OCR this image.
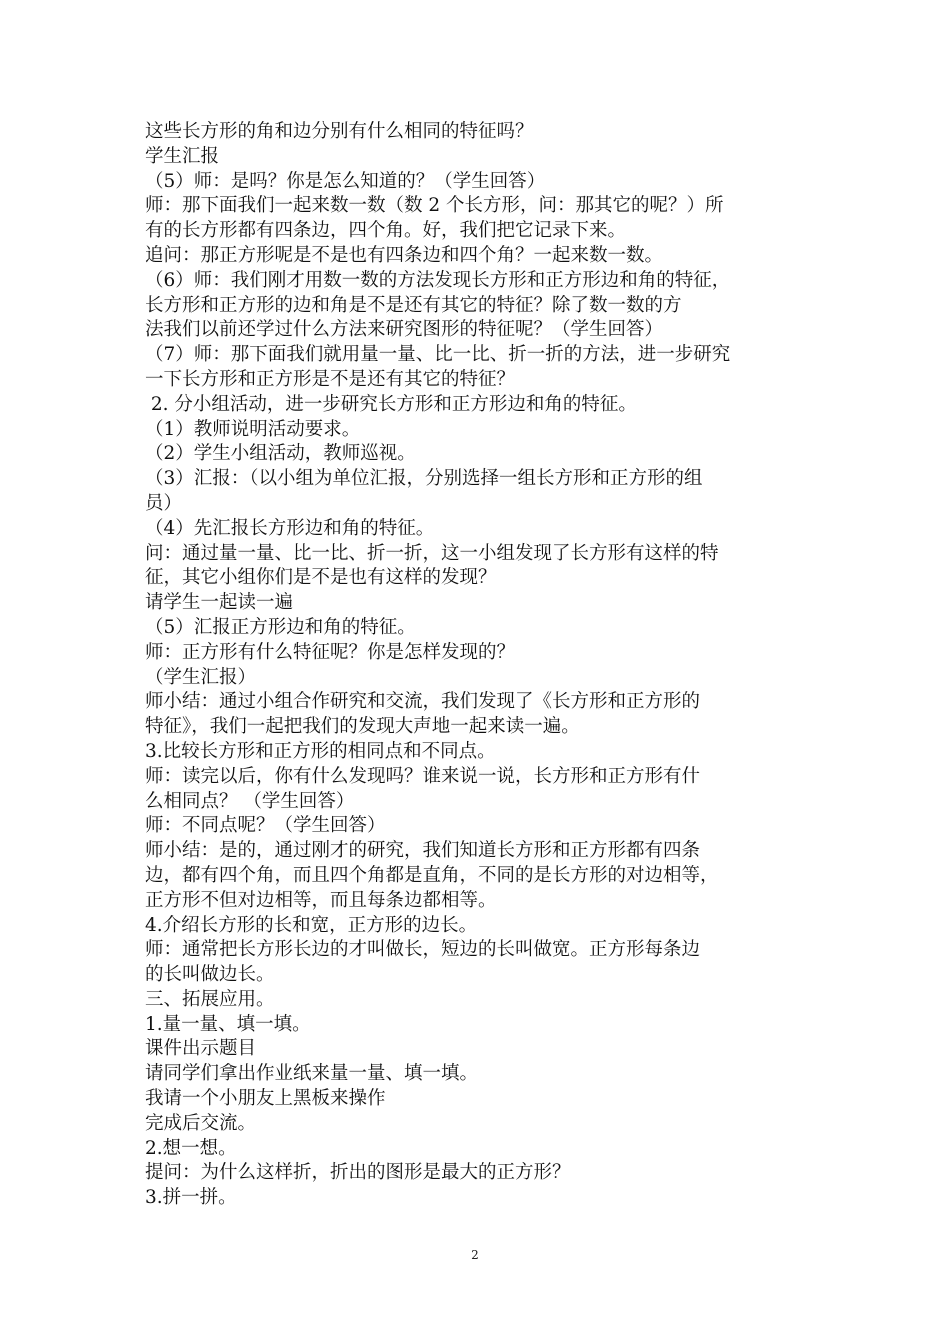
这些长方形的角和边分别有什么相同的特征吗？

学生汇报

（5）师：是吗？你是怎么知道的？（学生回答）

师：那下面我们一起来数一数（数 2 个长方形，问：那其它的呢？）所

有的长方形都有四条边，四个角。好，我们把它记录下来。

追问：那正方形呢是不是也有四条边和四个角？一起来数一数。

（6）师：我们刚才用数一数的方法发现长方形和正方形边和角的特征，

长方形和正方形的边和角是不是还有其它的特征？除了数一数的方

法我们以前还学过什么方法来研究图形的特征呢？（学生回答）

（7）师：那下面我们就用量一量、比一比、折一折的方法，进一步研究

一下长方形和正方形是不是还有其它的特征？

2. 分小组活动，进一步研究长方形和正方形边和角的特征。

（1）教师说明活动要求。

（2）学生小组活动，教师巡视。

（3）汇报：（以小组为单位汇报，分别选择一组长方形和正方形的组

员）

（4）先汇报长方形边和角的特征。

问：通过量一量、比一比、折一折，这一小组发现了长方形有这样的特

征，其它小组你们是不是也有这样的发现？

请学生一起读一遍

（5）汇报正方形边和角的特征。

师：正方形有什么特征呢？你是怎样发现的？

（学生汇报）

师小结：通过小组合作研究和交流，我们发现了《长方形和正方形的

特征》，我们一起把我们的发现大声地一起来读一遍。

3.比较长方形和正方形的相同点和不同点。

师：读完以后，你有什么发现吗？谁来说一说，长方形和正方形有什

么相同点？ （学生回答）

师：不同点呢？（学生回答）

师小结：是的，通过刚才的研究，我们知道长方形和正方形都有四条

边，都有四个角，而且四个角都是直角，不同的是长方形的对边相等，

正方形不但对边相等，而且每条边都相等。

4.介绍长方形的长和宽，正方形的边长。

师：通常把长方形长边的才叫做长，短边的长叫做宽。正方形每条边

的长叫做边长。

三、拓展应用。

1.量一量、填一填。

课件出示题目

请同学们拿出作业纸来量一量、填一填。

我请一个小朋友上黑板来操作

完成后交流。

2.想一想。

提问：为什么这样折，折出的图形是最大的正方形？

3.拼一拼。

2
